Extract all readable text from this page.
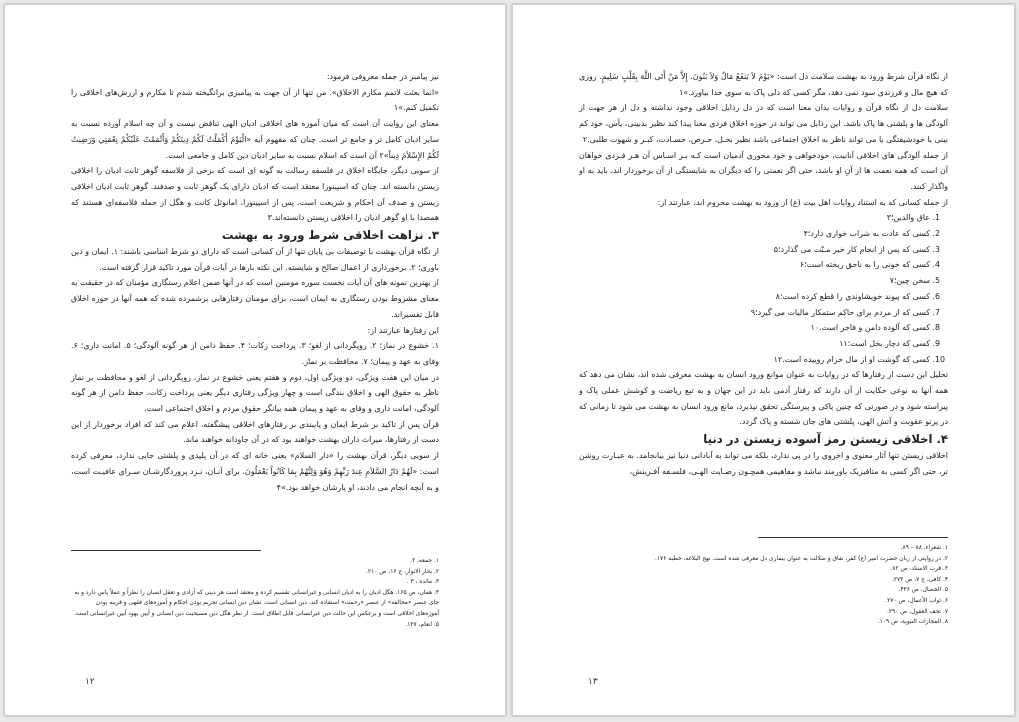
نیز پیامبر در جمله معروفی فرمود:

«انما بعثت لاتمم مکارم الاخلاق». من تنها از آن جهت به پیامبری برانگیخته شدم تا مکارم و ارزش‌های اخلاقی را تکمیل کنم.»۱

معنای این روایت آن است که میان آموزه های اخلاقی ادیان الهی تناقض نیست و آن چه اسلام آورده نسبت به سایر ادیان کامل تر و جامع تر است. چنان که مفهوم آیه «الْيَوْمَ أَكْمَلْتُ لَكُمْ دِينَكُمْ وَأَتْمَمْتُ عَلَيْكُمْ نِعْمَتِي وَرَضِيتُ لَكُمُ الإِسْلاَمَ دِيناً»۲ آن است که اسلام نسبت به سایر ادیان دین کامل و جامعی است.

از سویی دیگر، جایگاه اخلاق در فلسفه رسالت به گونه ای است که برخی از فلاسفه گوهر ثابت ادیان را اخلاقی زیستن دانسته اند. چنان که اسپینوزا معتقد است که ادیان دارای یک گوهر ثابت و صدفند. گوهر ثابت ادیان اخلاقی زیستن و صدف آن احکام و شریعت است. پس از اسپینوزا، امانوئل کانت و هگل از جمله فلاسفه‌ای هستند که همصدا با او گوهر ادیان را اخلاقی زیستن دانسته‌اند.۳

۳. نزاهت اخلاقی شرط ورود به بهشت

از نگاه قرآن بهشت با توصیفات بی پایان تنها از آن کسانی است که دارای دو شرط اساسی باشند: ۱. ایمان و دین باوری؛ ۲. برخورداری از اعمال صالح و شایسته. این نکته بارها در آیات قرآن مورد تاکید قرار گرفته است.

از بهترین نمونه های آن آیات نخست سوره مومنین است که در آنها ضمن اعلام رستگاری مؤمنان که در حقیقت به معنای مشروط بودن رستگاری به ایمان است، برای مومنان رفتارهایی برشمرده شده که همه آنها در حوزه اخلاق قابل تفسیراند.

این رفتارها عبارتند از:

۱. خشوع در نماز؛ ۲. رویگردانی از لغو؛ ۳. پرداخت زکات؛ ۴. حفظ دامن از هر گونه آلودگی؛ ۵. امانت داری؛ ۶. وفای به عهد و پیمان؛ ۷. محافظت بر نماز.

در میان این هفت ویژگی، دو ویژگی اول، دوم و هفتم یعنی خشوع در نماز، رویگردانی از لغو و محافظت بر نماز ناظر به حقوق الهی و اخلاق بندگی است و چهار ویژگی رفتاری دیگر یعنی پرداخت زکات، حفظ دامن از هر گونه آلودگی، امانت داری و وفای به عهد و پیمان همه بیانگر حقوق مردم و اخلاق اجتماعی است.

قرآن پس از تاکید بر شرط ایمان و پایبندی بر رفتارهای اخلاقی پیشگفته، اعلام می کند که افراد برخوردار از این دست از رفتارها، میراث داران بهشت خواهند بود که در آن جاودانه خواهند ماند.

از سویی دیگر، قرآن بهشت را «دار السلام» یعنی خانه ای که در آن پلیدی و پلشتی جایی ندارد، معرفی کرده است: «لَهُمْ دَارُ السَّلاَمِ عِندَ رَبِّهِمْ وَهُوَ وَلِيُّهُمْ بِمَا كَانُواْ يَعْمَلُونَ. برای آنـان، نـزد پروردگارشـان سـرای عافیـت است، و به آنچه انجام می دادند، او یارشان خواهد بود.»۴

۱. جمعه، ۲.
۲. بحار الانوار، ج ۱۶، ص ۲۱۰.
۳. مائده ، ۳ .
۴. همان، ص ۱۶۵. هگل ادیان را به ادیان انسانی و غیرانسانی تقسیم کرده و معتقد است هر دینی که آزادی و تعقل انسان را نظراً و عملاً پاس دارد و به جای عنصر «مخالفه» از عنصر «رحمت» استفاده کند، دین انسانی است. نشان دین انسانی تحریم بودن احکام و آموزه‌های فقهی و قرینه بودن آموزه‌های اخلاقی است و برعکس این حالت دین غیرانسانی قابل اطلاق است. از نظر هگل دین مسیحیت دین انسانی و آیین یهود آیین غیرانسانی است.
۵. انعام، ۱۲۷.
۱۲

از نگاه قرآن شرط ورود به بهشت سلامت دل است: «يَوْمَ لاَ يَنفَعُ مَالٌ وَلاَ بَنُونَ. إِلاَّ مَنْ أَتَى اللَّهَ بِقَلْبٍ سَلِيمٍ. روزی که هیچ مال و فرزندی سود نمی دهد، مگر کسی که دلی پاک به سوی خدا بیاورد.»۱

سلامت دل از نگاه قرآن و روایات بدان معنا است که در دل رذایل اخلاقی وجود نداشته و دل از هر جهت از آلودگی ها و پلشتی ها پاک باشد. این رذایل می تواند در حوزه اخلاق فردی معنا پیدا کند نظیر بدبینی، یأس، خود کم بینی یا خودشیفتگی یا می تواند ناظر به اخلاق اجتماعی باشد نظیر بخـل، حـرص، حسـادت، کبـر و شهوت طلبی.۲

از جمله آلودگی های اخلاقی آنانیت، خودخواهی و خود محوری آدمیان است کـه بـر اسـاس آن هـر فـردی خواهان آن است که همه نعمت ها از آنِ او باشد، حتی اگر نعمتی را که دیگران به شایستگی از آن برخوردار اند، باید به او واگذار کنند.

از جمله کسانی که به استناد روایات اهل بیت (ع) از ورود به بهشت محروم اند، عبارتند از:

1. عاق والدین؛۳
2. کسی که عادت به شراب خواری دارد؛۴
3. کسی که پس از انجام کار خیر مـنّت می گذارد؛۵
4. کسی که خونی را به ناحق ریخته است؛۶
5. سخن چین؛۷
6. کسی که پیوند خویشاوندی را قطع کرده است؛۸
7. کسی که از مردم برای حاکم ستمکار مالیات می گیرد؛۹
8. کسی که آلوده دامن و فاجر است.۱۰
9. کسی که دچار بخل است؛۱۱
10. کسی که گوشت او از مال حرام روییده است.۱۲

تحلیل این دست از رفتارها که در روایات به عنوان موانع ورود انسان به بهشت معرفی شده اند، نشان می دهد که همه آنها به نوعی حکایت از آن دارند که رفتار آدمی باید در این جهان و به تبع ریاضت و کوشش عملی پاک و پیراسته شود و در صورتی که چنین پاکی و پیرستگی تحقق نپذیرد، مانع ورود انسان به بهشت می شود تا زمانی که در پرتو عقوبت و آتش الهی، پلشتی های جان شسته و پاک گردد.

۴. اخلاقی زیستن رمز آسوده زیستن در دنیا

اخلاقی زیستن تنها آثار معنوی و اخروی را در پی ندارد، بلکه می تواند به آبادانی دنیا نیز بیانجامد. به عبـارت روشن تر، حتی اگر کسی به متافیزیک باورمند نباشد و مفاهیمی همچـون رضـایت الهـی، فلسـفه آفـرینش،

۱. شعراء، ۸۸ – ۸۹.
۲. در روایتی از زبان حضرت امیر (ع) کفر، نفاق و ضلالت به عنوان بیماری دل معرفی شده است. نهج البلاغه، خطبه ۱۷۶.
۳. قرب الاسناد، ص ۸۲.
۴. کافی، ج ۷، ص ۲۷۳.
۵. الخصال، ص ۴۳۶.
۶. ثواب الأعمال، ص ۲۷۰.
۷. تحف العقول، ص ۲۹۰.
۸. المجازات النبویة، ص ۱۰۹.
۱۳
